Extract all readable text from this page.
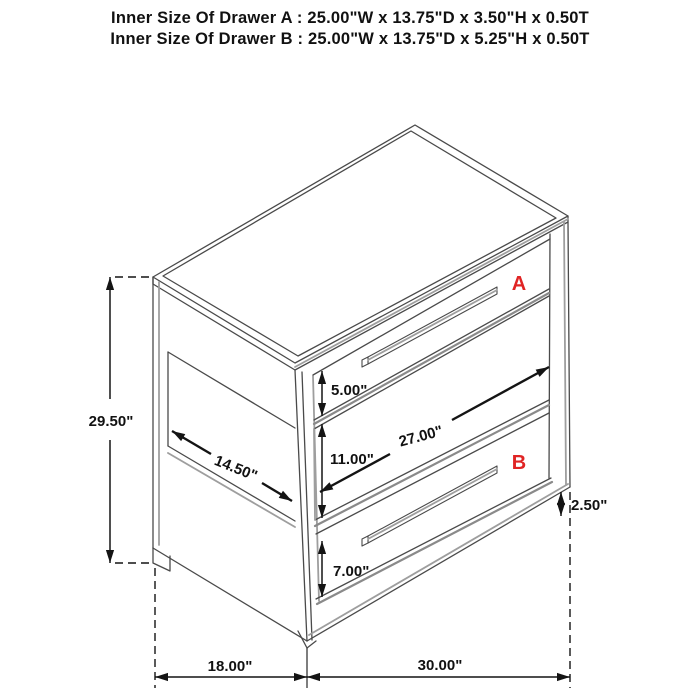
Inner Size Of Drawer A : 25.00"W x 13.75"D x 3.50"H x 0.50T
Inner Size Of Drawer B : 25.00"W x 13.75"D x 5.25"H x 0.50T
29.50"
5.00"
11.00"
7.00"
2.50"
27.00"
14.50"
18.00"	30.00"
A
B
